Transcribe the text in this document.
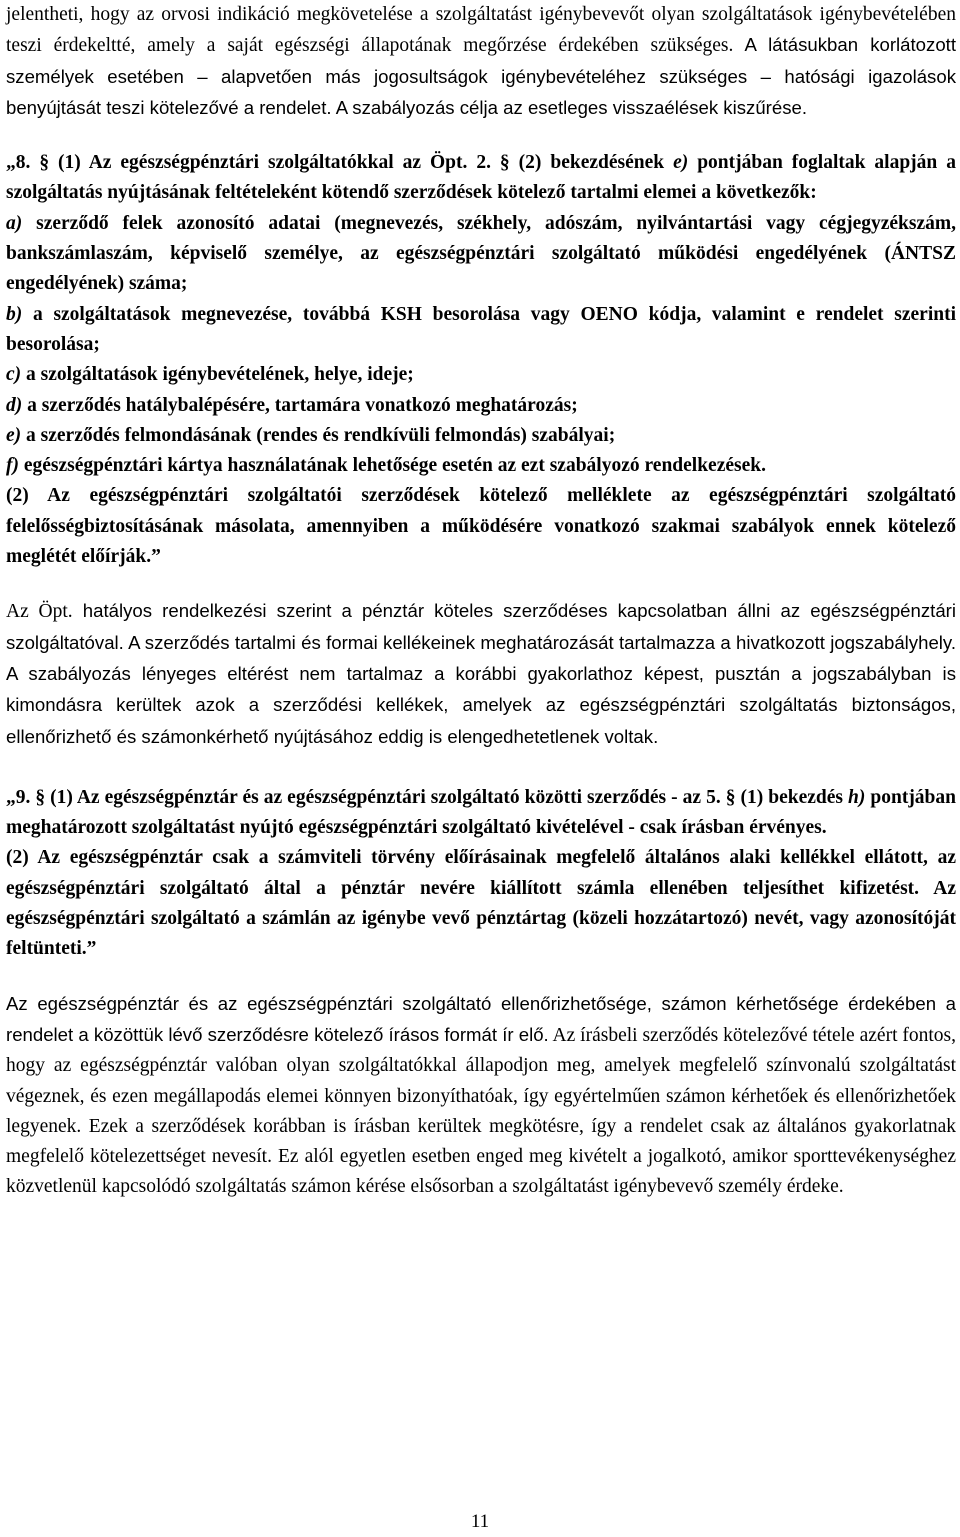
jelentheti, hogy az orvosi indikáció megkövetelése a szolgáltatást igénybevevőt olyan szolgáltatások igénybevételében teszi érdekeltté, amely a saját egészségi állapotának megőrzése érdekében szükséges. A látásukban korlátozott személyek esetében – alapvetően más jogosultságok igénybevételéhez szükséges – hatósági igazolások benyújtását teszi kötelezővé a rendelet. A szabályozás célja az esetleges visszaélések kiszűrése.

„8. § (1) Az egészségpénztári szolgáltatókkal az Öpt. 2. § (2) bekezdésének e) pontjában foglaltak alapján a szolgáltatás nyújtásának feltételeként kötendő szerződések kötelező tartalmi elemei a következők:

a) szerződő felek azonosító adatai (megnevezés, székhely, adószám, nyilvántartási vagy cégjegyzékszám, bankszámlaszám, képviselő személye, az egészségpénztári szolgáltató működési engedélyének (ÁNTSZ engedélyének) száma;

b) a szolgáltatások megnevezése, továbbá KSH besorolása vagy OENO kódja, valamint e rendelet szerinti besorolása;

c) a szolgáltatások igénybevételének, helye, ideje;

d) a szerződés hatálybalépésére, tartamára vonatkozó meghatározás;

e) a szerződés felmondásának (rendes és rendkívüli felmondás) szabályai;

f) egészségpénztári kártya használatának lehetősége esetén az ezt szabályozó rendelkezések.

(2) Az egészségpénztári szolgáltatói szerződések kötelező melléklete az egészségpénztári szolgáltató felelősségbiztosításának másolata, amennyiben a működésére vonatkozó szakmai szabályok ennek kötelező meglétét előírják.”

Az Öpt. hatályos rendelkezési szerint a pénztár köteles szerződéses kapcsolatban állni az egészségpénztári szolgáltatóval. A szerződés tartalmi és formai kellékeinek meghatározását tartalmazza a hivatkozott jogszabályhely. A szabályozás lényeges eltérést nem tartalmaz a korábbi gyakorlathoz képest, pusztán a jogszabályban is kimondásra kerültek azok a szerződési kellékek, amelyek az egészségpénztári szolgáltatás biztonságos, ellenőrizhető és számonkérhető nyújtásához eddig is elengedhetetlenek voltak.

„9. § (1) Az egészségpénztár és az egészségpénztári szolgáltató közötti szerződés - az 5. § (1) bekezdés h) pontjában meghatározott szolgáltatást nyújtó egészségpénztári szolgáltató kivételével - csak írásban érvényes.

(2) Az egészségpénztár csak a számviteli törvény előírásainak megfelelő általános alaki kellékkel ellátott, az egészségpénztári szolgáltató által a pénztár nevére kiállított számla ellenében teljesíthet kifizetést. Az egészségpénztári szolgáltató a számlán az igénybe vevő pénztártag (közeli hozzátartozó) nevét, vagy azonosítóját feltünteti.”

Az egészségpénztár és az egészségpénztári szolgáltató ellenőrizhetősége, számon kérhetősége érdekében a rendelet a közöttük lévő szerződésre kötelező írásos formát ír elő. Az írásbeli szerződés kötelezővé tétele azért fontos, hogy az egészségpénztár valóban olyan szolgáltatókkal állapodjon meg, amelyek megfelelő színvonalú szolgáltatást végeznek, és ezen megállapodás elemei könnyen bizonyíthatóak, így egyértelműen számon kérhetőek és ellenőrizhetőek legyenek. Ezek a szerződések korábban is írásban kerültek megkötésre, így a rendelet csak az általános gyakorlatnak megfelelő kötelezettséget nevesít. Ez alól egyetlen esetben enged meg kivételt a jogalkotó, amikor sporttevékenységhez közvetlenül kapcsolódó szolgáltatás számon kérése elsősorban a szolgáltatást igénybevevő személy érdeke.

11
